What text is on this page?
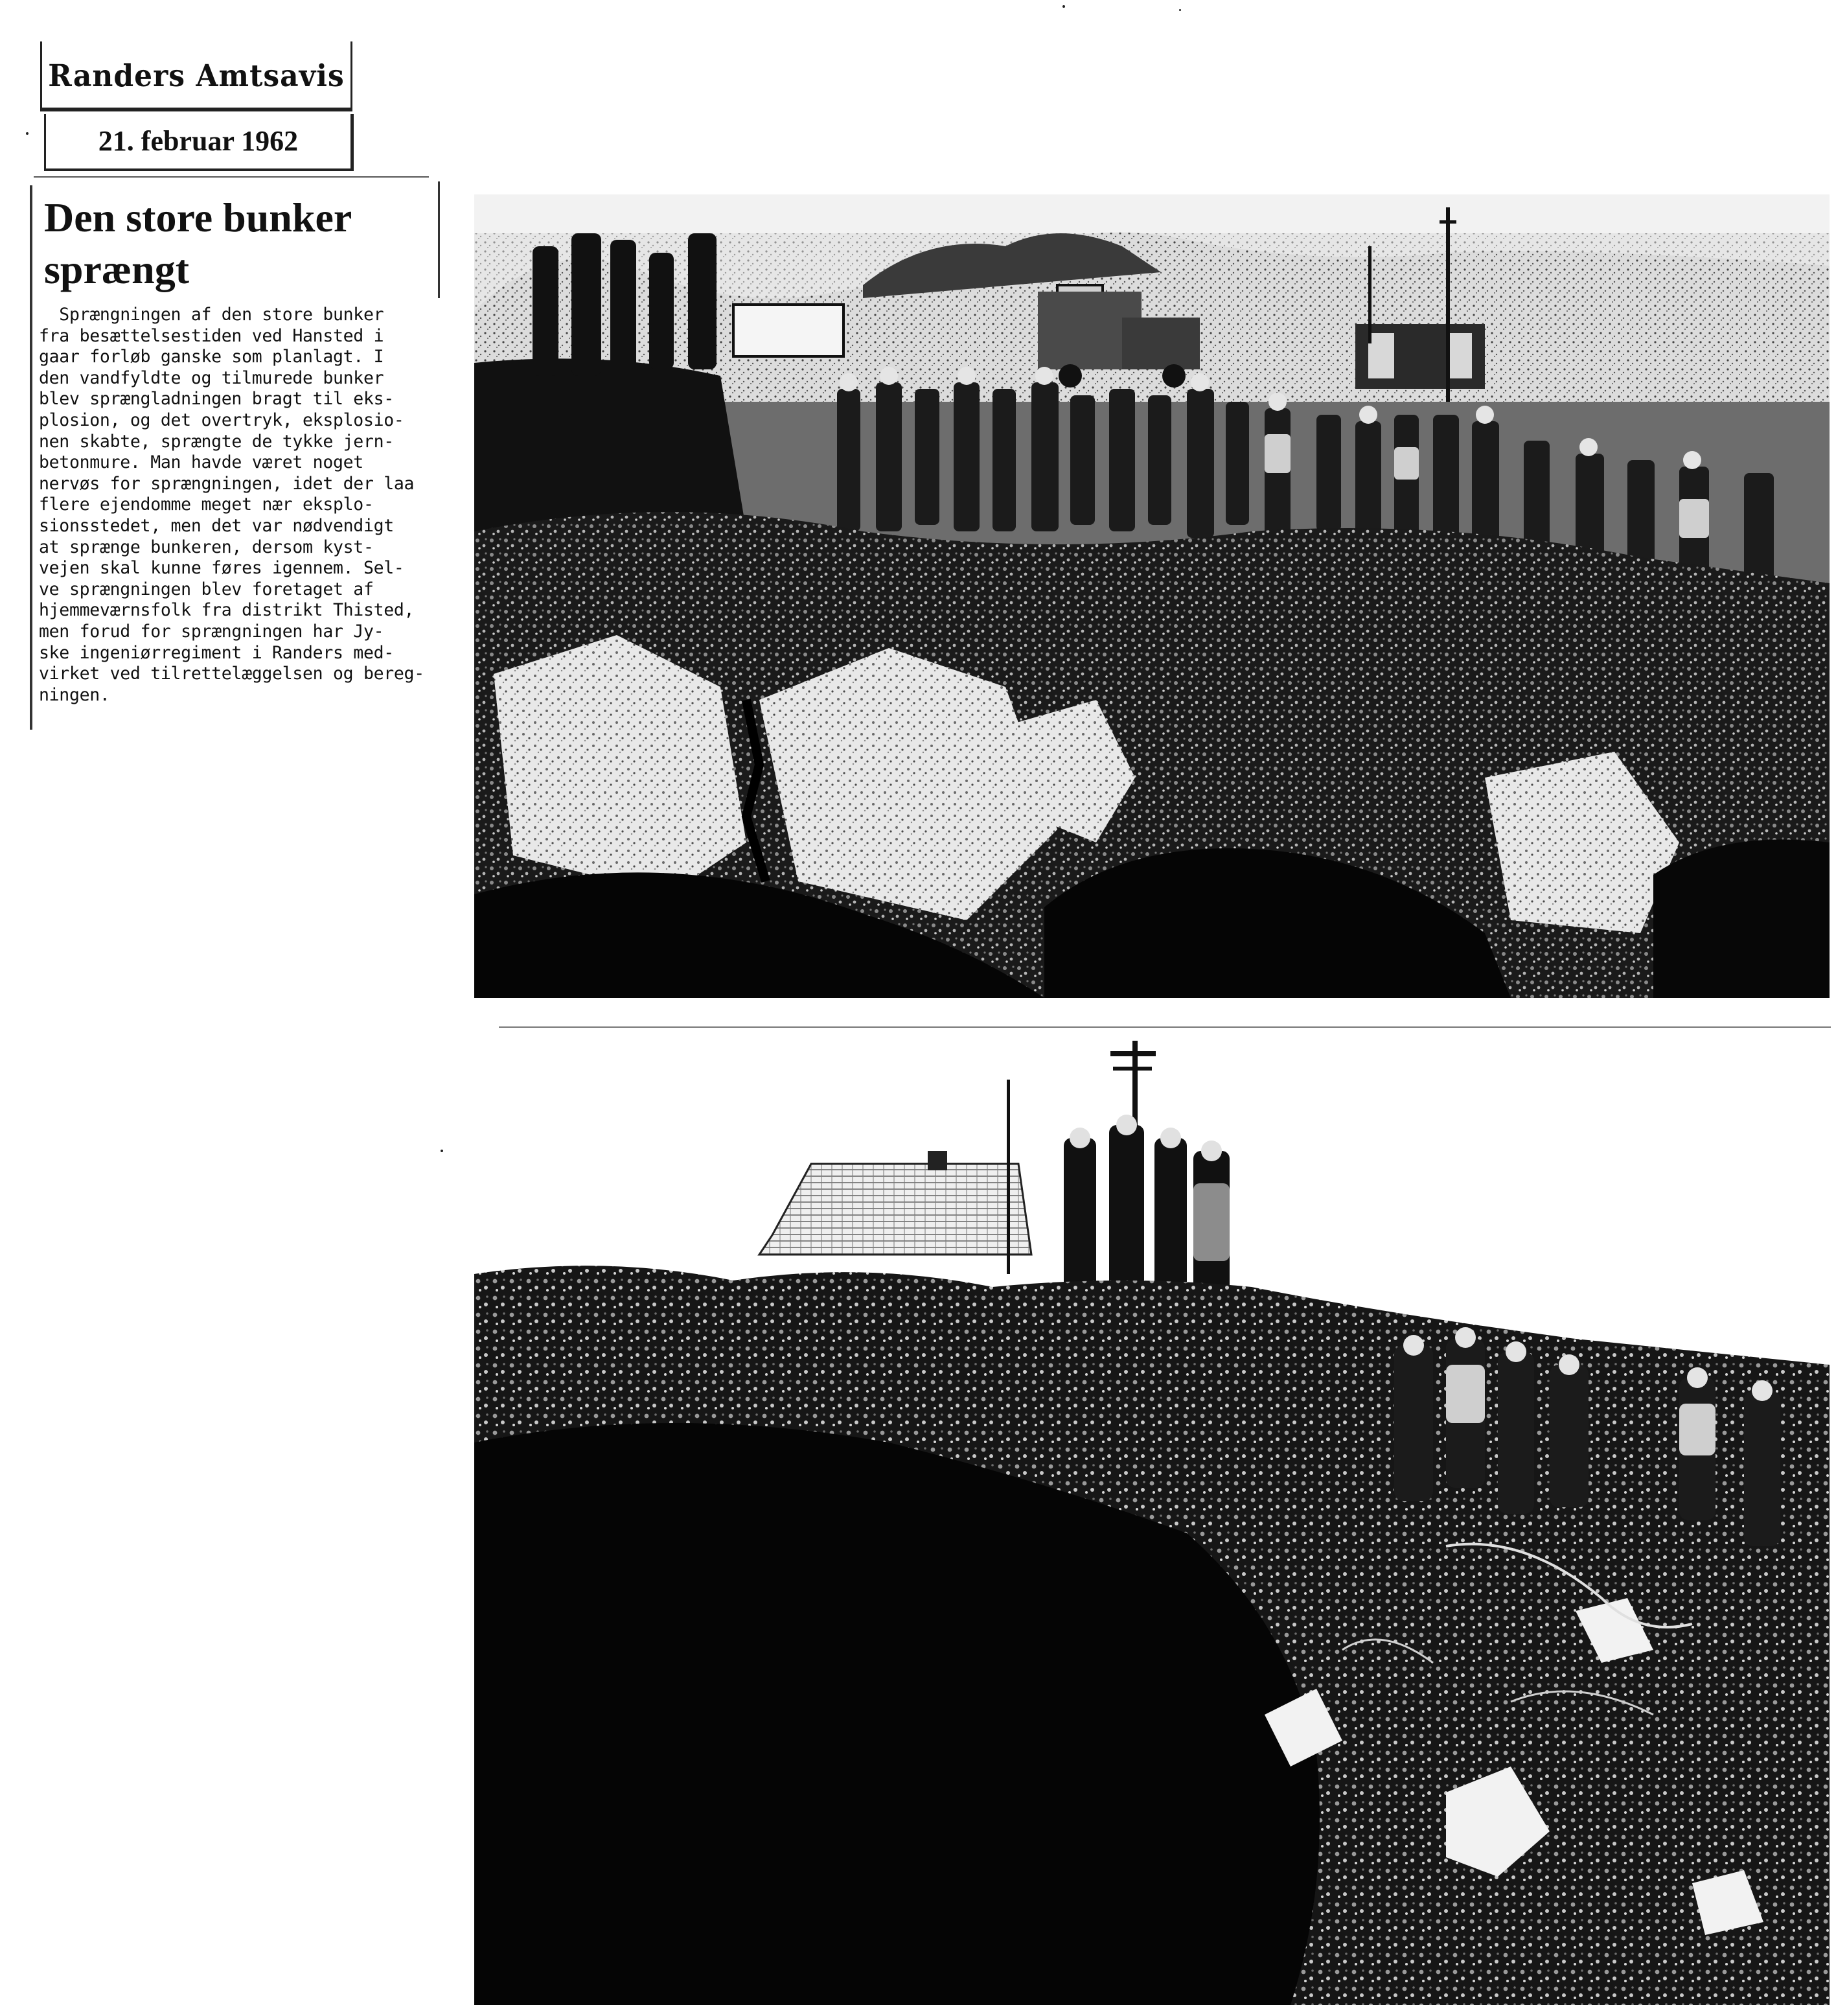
Randers Amtsavis
21. februar 1962
Den store bunker sprængt
Sprængningen af den store bunker
fra besættelsestiden ved Hansted i
gaar forløb ganske som planlagt. I
den vandfyldte og tilmurede bunker
blev sprængladningen bragt til eks-
plosion, og det overtryk, eksplosio-
nen skabte, sprængte de tykke jern-
betonmure. Man havde været noget
nervøs for sprængningen, idet der laa
flere ejendomme meget nær eksplo-
sionsstedet, men det var nødvendigt
at sprænge bunkeren, dersom kyst-
vejen skal kunne føres igennem. Sel-
ve sprængningen blev foretaget af
hjemmeværnsfolk fra distrikt Thisted,
men forud for sprængningen har Jy-
ske ingeniørregiment i Randers med-
virket ved tilrettelæggelsen og bereg-
ningen.
